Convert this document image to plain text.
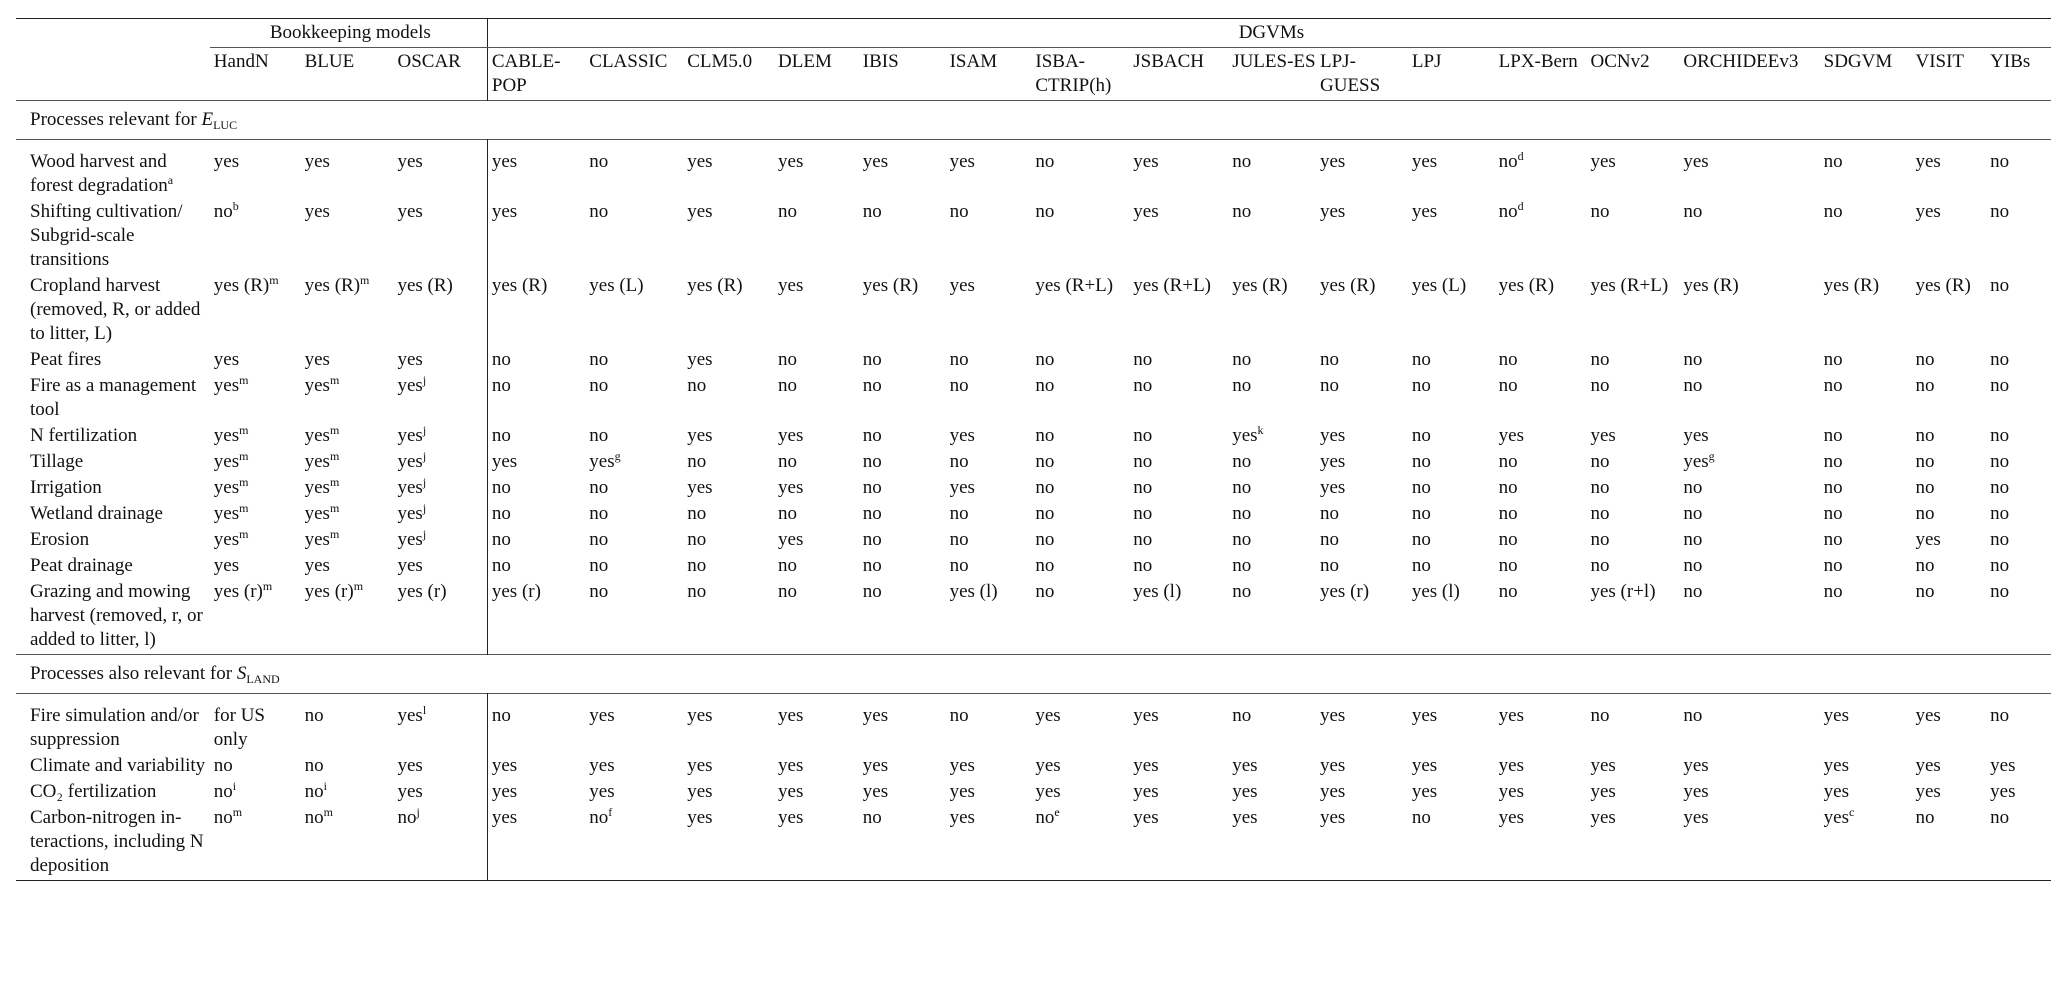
	Bookkeeping models			DGVMs																
	HandN	BLUE	OSCAR	CABLE-POP	CLASSIC	CLM5.0	DLEM	IBIS	ISAM	ISBA-CTRIP(h)	JSBACH	JULES-ES	LPJ-GUESS	LPJ	LPX-Bern	OCNv2	ORCHIDEEv3	SDGVM	VISIT	YIBs
Processes relevant for $E_{LUC}$

Wood harvest and forest degradation$^a$	yes	yes	yes	yes	no	yes	yes	yes	yes	no	yes	no	yes	yes	$no^d$	yes	yes	no	yes	no
Shifting cultivation/ Subgrid-scale transitions	$no^b$	yes	yes	yes	no	yes	no	no	no	no	yes	no	yes	yes	$no^d$	no	no	no	yes	no
Cropland harvest (removed, R, or added to litter, L)	yes $(R)^m$	yes $(R)^m$	yes (R)	yes (R)	yes (L)	yes (R)	yes	yes (R)	yes	yes (R+L)	yes (R+L)	yes (R)	yes (R)	yes (L)	yes (R)	yes (R+L)	yes (R)	yes (R)	yes (R)	no
Peat fires	yes	yes	yes	no	no	yes	no	no	no	no	no	no	no	no	no	no	no	no	no	no
Fire as a management tool	yes$^m$	yes$^m$	yes$^j$	no	no	no	no	no	no	no	no	no	no	no	no	no	no	no	no	no
N fertilization	yes$^m$	yes$^m$	yes$^j$	no	no	yes	yes	no	yes	no	no	yes$^k$	yes	no	yes	yes	yes	no	no	no
Tillage	yes$^m$	yes$^m$	yes$^j$	yes	yes$^g$	no	no	no	no	no	no	no	yes	no	no	no	yes$^g$	no	no	no
Irrigation	yes$^m$	yes$^m$	yes$^j$	no	no	yes	yes	no	yes	no	no	no	yes	no	no	no	no	no	no	no
Wetland drainage	yes$^m$	yes$^m$	yes$^j$	no	no	no	no	no	no	no	no	no	no	no	no	no	no	no	no	no
Erosion	yes$^m$	yes$^m$	yes$^j$	no	no	no	yes	no	no	no	no	no	no	no	no	no	no	no	yes	no
Peat drainage	yes	yes	yes	no	no	no	no	no	no	no	no	no	no	no	no	no	no	no	no	no
Grazing and mowing harvest (removed, r, or added to litter, l)	yes $(r)^m$	yes $(r)^m$	yes (r)	yes (r)	no	no	no	no	yes (l)	no	yes (l)	no	yes (r)	yes (l)	no	yes (r+l)	no	no	no	no
Processes also relevant for $S_{LAND}$

Fire simulation and/or suppression	for US only	no	yes$^l$	no	yes	yes	yes	yes	no	yes	yes	no	yes	yes	yes	no	no	yes	yes	no
Climate and variability	no	no	yes	yes	yes	yes	yes	yes	yes	yes	yes	yes	yes	yes	yes	yes	yes	yes	yes	yes
CO₂ fertilization	$no^i$	$no^i$	yes	yes	yes	yes	yes	yes	yes	yes	yes	yes	yes	yes	yes	yes	yes	yes	yes	yes
Carbon-nitrogen in- teractions, including N deposition	$no^m$	$no^m$	$no^j$	yes	$no^f$	yes	yes	no	yes	$no^e$	yes	yes	yes	no	yes	yes	yes	yes$^c$	no	no
